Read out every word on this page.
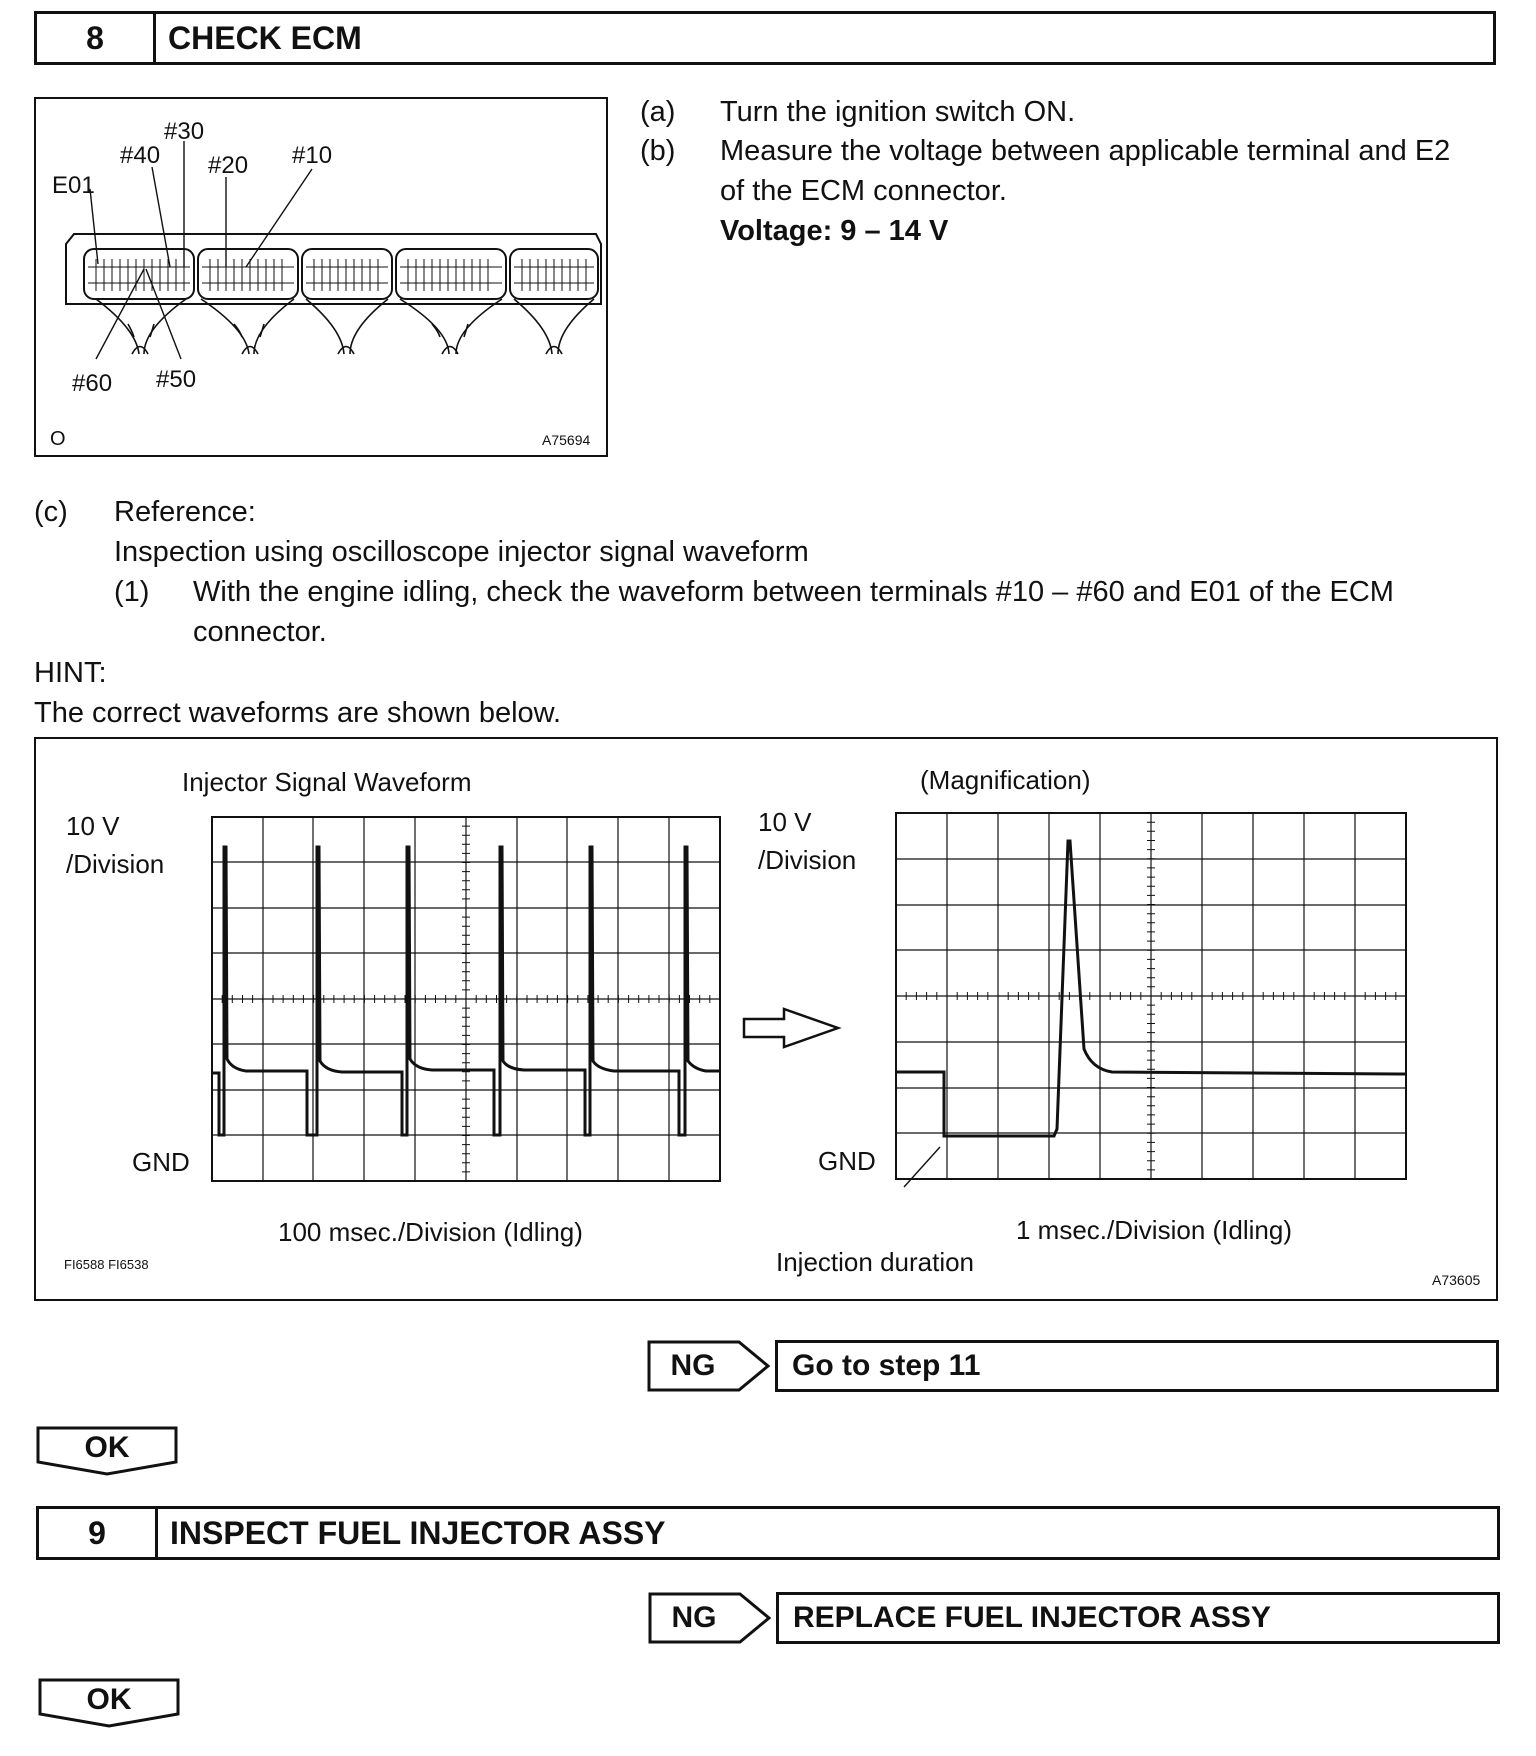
8	CHECK ECM
E01
#30
#40 #20 #10
#60 #50
O	A75694
(a) Turn the ignition switch ON.
(b) Measure the voltage between applicable terminal and E2
of the ECM connector.
Voltage: 9 – 14 V
(c) Reference:
Inspection using oscilloscope injector signal waveform
(1) With the engine idling, check the waveform between terminals #10 – #60 and E01 of the ECM
connector.
HINT:
The correct waveforms are shown below.
Injector Signal Waveform
10 V
/Division
GND
100 msec./Division (Idling)
(Magnification)
10 V
/Division
GND
1 msec./Division (Idling)
Injection duration
FI6588 FI6538
A73605
NG	Go to step 11
OK
9	INSPECT FUEL INJECTOR ASSY
NG	REPLACE FUEL INJECTOR ASSY
OK
